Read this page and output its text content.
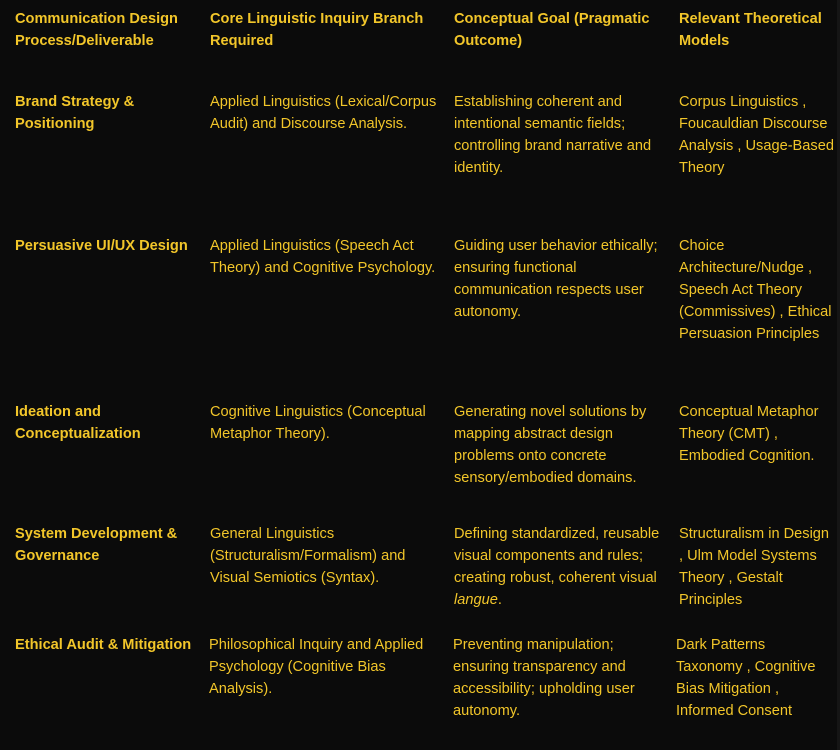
Communication Design Process/Deliverable
Core Linguistic Inquiry Branch Required
Conceptual Goal (Pragmatic Outcome)
Relevant Theoretical Models
Brand Strategy & Positioning
Applied Linguistics (Lexical/Corpus Audit) and Discourse Analysis.
Establishing coherent and intentional semantic fields; controlling brand narrative and identity.
Corpus Linguistics , Foucauldian Discourse Analysis , Usage-Based Theory
Persuasive UI/UX Design	Applied Linguistics (Speech Act Theory) and Cognitive Psychology.
Guiding user behavior ethically; ensuring functional communication respects user autonomy.
Choice Architecture/Nudge , Speech Act Theory (Commissives) , Ethical Persuasion Principles
Ideation and Conceptualization
Cognitive Linguistics (Conceptual Metaphor Theory).
Generating novel solutions by mapping abstract design problems onto concrete sensory/embodied domains.
Conceptual Metaphor Theory (CMT) , Embodied Cognition.
System Development & Governance
General Linguistics (Structuralism/Formalism) and Visual Semiotics (Syntax).
Defining standardized, reusable visual components and rules; creating robust, coherent visual langue.
Structuralism in Design , Ulm Model Systems Theory , Gestalt Principles
Ethical Audit & Mitigation	Philosophical Inquiry and Applied Psychology (Cognitive Bias Analysis).
Preventing manipulation; ensuring transparency and accessibility; upholding user autonomy.
Dark Patterns Taxonomy , Cognitive Bias Mitigation , Informed Consent
